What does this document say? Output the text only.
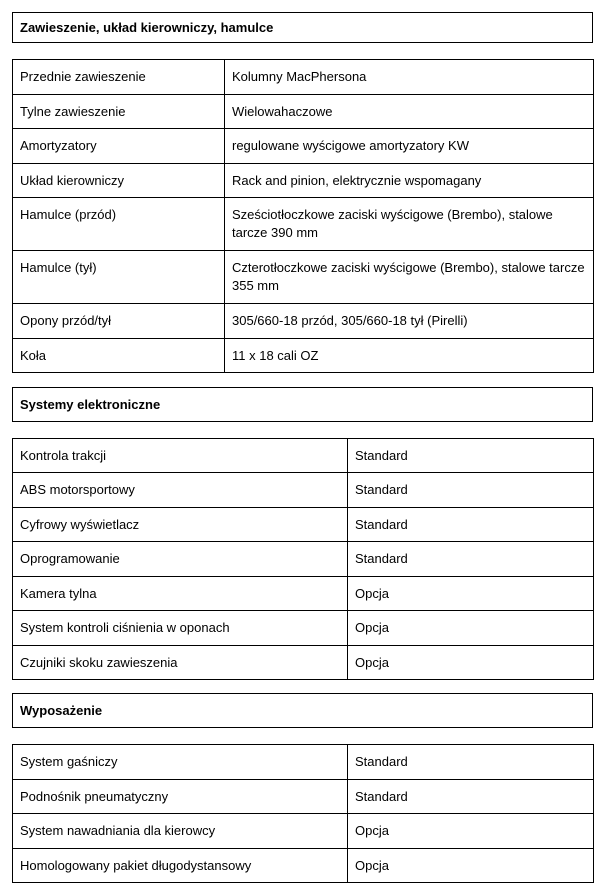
Zawieszenie, układ kierowniczy, hamulce
Przednie zawieszenie	Kolumny MacPhersona
Tylne zawieszenie	Wielowahaczowe
Amortyzatory	regulowane wyścigowe amortyzatory KW
Układ kierowniczy	Rack and pinion, elektrycznie wspomagany
Hamulce (przód)	Sześciotłoczkowe zaciski wyścigowe (Brembo), stalowe tarcze 390 mm
Hamulce (tył)	Czterotłoczkowe zaciski wyścigowe (Brembo), stalowe tarcze 355 mm
Opony przód/tył	305/660-18 przód, 305/660-18 tył (Pirelli)
Koła	11 x 18 cali OZ
Systemy elektroniczne
Kontrola trakcji	Standard
ABS motorsportowy	Standard
Cyfrowy wyświetlacz	Standard
Oprogramowanie	Standard
Kamera tylna	Opcja
System kontroli ciśnienia w oponach	Opcja
Czujniki skoku zawieszenia	Opcja
Wyposażenie
System gaśniczy	Standard
Podnośnik pneumatyczny	Standard
System nawadniania dla kierowcy	Opcja
Homologowany pakiet długodystansowy	Opcja
